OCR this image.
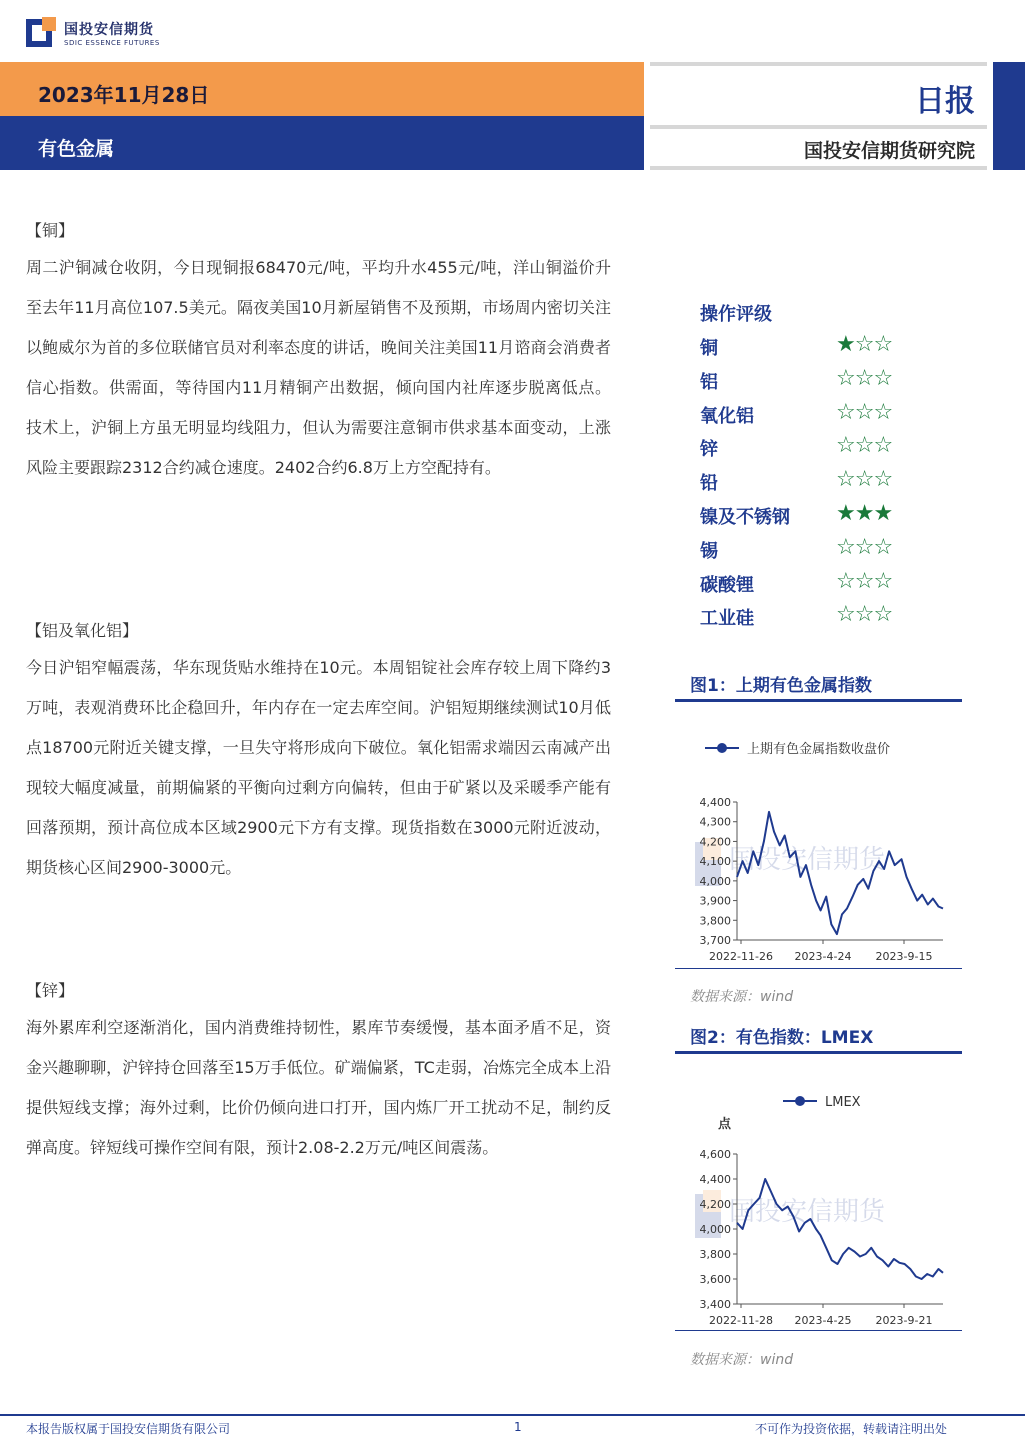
国投安信期货
SDIC ESSENCE FUTURES
2023年11月28日
有色金属
日报
国投安信期货研究院
【铜】
周二沪铜减仓收阴，今日现铜报68470元/吨，平均升水455元/吨，洋山铜溢价升至去年11月高位107.5美元。隔夜美国10月新屋销售不及预期，市场周内密切关注以鲍威尔为首的多位联储官员对利率态度的讲话，晚间关注美国11月谘商会消费者信心指数。供需面，等待国内11月精铜产出数据，倾向国内社库逐步脱离低点。 技术上，沪铜上方虽无明显均线阻力，但认为需要注意铜市供求基本面变动，上涨风险主要跟踪2312合约减仓速度。2402合约6.8万上方空配持有。
【铝及氧化铝】
今日沪铝窄幅震荡，华东现货贴水维持在10元。本周铝锭社会库存较上周下降约3万吨，表观消费环比企稳回升，年内存在一定去库空间。沪铝短期继续测试10月低点18700元附近关键支撑，一旦失守将形成向下破位。氧化铝需求端因云南减产出现较大幅度减量，前期偏紧的平衡向过剩方向偏转，但由于矿紧以及采暖季产能有回落预期，预计高位成本区域2900元下方有支撑。现货指数在3000元附近波动，期货核心区间2900-3000元。
【锌】
海外累库利空逐渐消化，国内消费维持韧性，累库节奏缓慢，基本面矛盾不足，资金兴趣聊聊，沪锌持仓回落至15万手低位。矿端偏紧，TC走弱，冶炼完全成本上沿提供短线支撑；海外过剩，比价仍倾向进口打开，国内炼厂开工扰动不足，制约反弹高度。锌短线可操作空间有限，预计2.08-2.2万元/吨区间震荡。
操作评级
铜	★☆☆
铝	☆☆☆
氧化铝	☆☆☆
锌	☆☆☆
铅	☆☆☆
镍及不锈钢 ★★★
锡	☆☆☆
碳酸锂	☆☆☆
工业硅	☆☆☆
图1：上期有色金属指数
国投安信期货
上期有色金属指数收盘价
3,700
3,800
3,900
4,000
4,100
4,200
4,300
4,400
2022-11-26 2023-4-24 2023-9-15
数据来源：wind
图2：有色指数：LMEX
国投安信期货
LMEX
点
3,400
3,600
3,800
4,000
4,200
4,400
4,600
2022-11-28 2023-4-25 2023-9-21
数据来源：wind
本报告版权属于国投安信期货有限公司	1	不可作为投资依据，转载请注明出处
